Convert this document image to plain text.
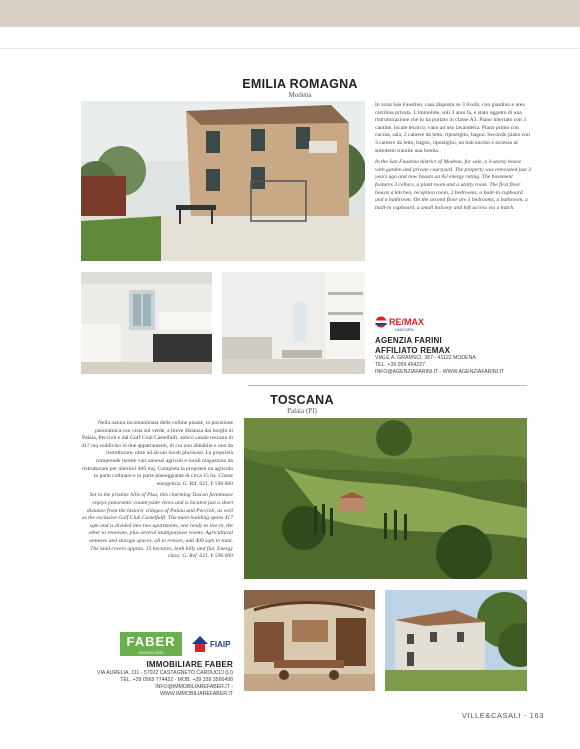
EMILIA ROMAGNA
Modena
In zona San Faustino, casa disposta su 3 livelli, con giardino e area cortilina privata. L'immobile, soli 3 anni fa, è stato oggetto di una ristrutturazione che lo ha portato in classe A3. Piano interrato con 3 cantine, locale tecnico, vano ad uso lavanderia. Piano primo con cucina, sala, 2 camere da letto, ripostiglio, bagno. Secondo piano con 3 camere da letto, bagno, ripostiglio, un balconcino e accesso al sottotetto tramite una botola.
In the San Faustino district of Modena, for sale, a 3-storey house with garden and private courtyard. The property was renovated just 3 years ago and now boasts an A3 energy rating. The basement features 3 cellars, a plant room and a utility room. The first floor boasts a kitchen, reception room, 2 bedrooms, a built-in cupboard and a bathroom. On the second floor are 3 bedrooms, a bathroom, a built-in cupboard, a small balcony and loft access via a hatch.
RE/MAX
UNICORN
AGENZIA FARINI
AFFILIATO REMAX
VIALE A. GRAMSCI, 387 - 41122 MODENA
TEL. +39 059 454227
INFO@AGENZIAFARINI.IT - WWW.AGENZIAFARINI.IT
TOSCANA
Palaia (PI)
Nella natura incontaminata delle colline pisane, in posizione panoramica con vista sul verde, a breve distanza dai borghi di Palaia, Peccioli e dal Golf Club Castelfalfi, antico casale toscano di 417 mq suddiviso in due appartamenti, di cui uno abitabile e uno da ristrutturare, oltre ad alcuni locali plurisuso. La proprietà comprende inoltre vari annessi agricoli e locali magazzino da ristrutturare per ulteriori 400 mq. Completa la proprietà un agricolo in parte collinare e in parte pianeggiante di circa 15 ha. Classe energetica: G. Rif. 621. € 590.000
Set in the pristine hills of Pisa, this charming Tuscan farmhouse enjoys panoramic countryside views and is located just a short distance from the historic villages of Palaia and Peccioli, as well as the exclusive Golf Club Castelfalfi. The main building spans 417 sqm and is divided into two apartments, one ready to live in, the other to renovate, plus several multipurpose rooms. Agricultural annexes and storage spaces, all to restore, add 400 sqm in total. The land covers approx. 15 hectares, both hilly and flat. Energy class: G. Ref. 621. € 590.000
FABER
IMMOBILIARE
FIAIP
IMMOBILIARE FABER
VIA AURELIA, 111 - 57022 CASTAGNETO CARDUCCI (LI)
TEL. +39 0565 774422 - MOB. +39 339 3566498
INFO@IMMOBILIAREFABER.IT - WWW.IMMOBILIAREFABER.IT
VILLE&CASALI - 163
